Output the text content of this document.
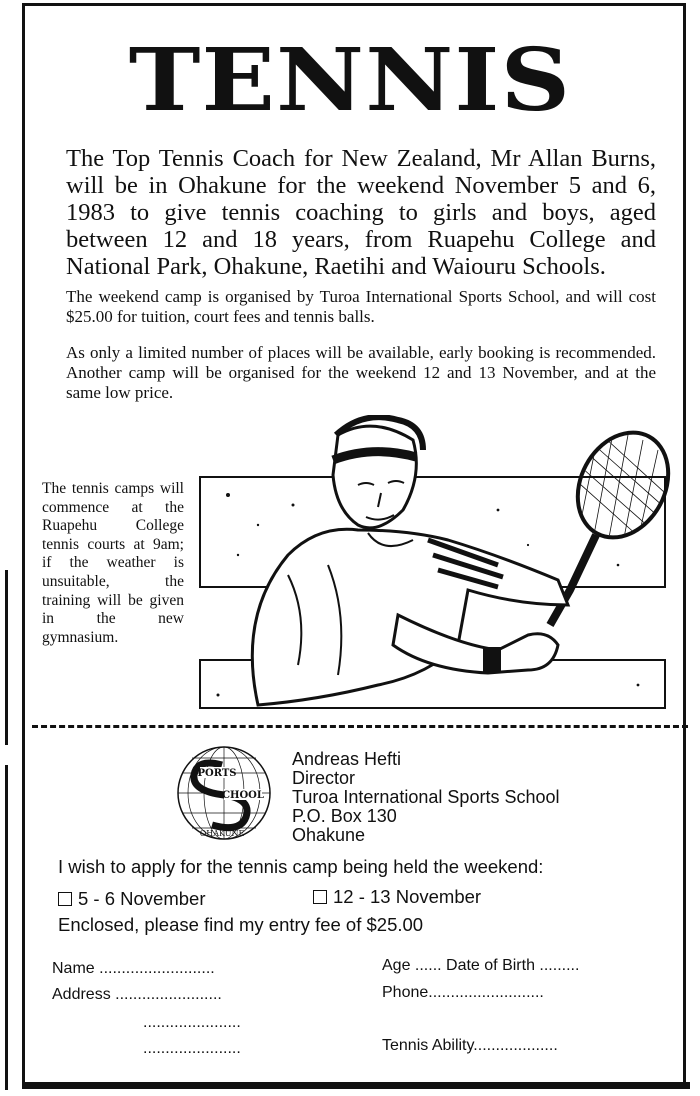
TENNIS
The Top Tennis Coach for New Zealand, Mr Allan Burns, will be in Ohakune for the weekend November 5 and 6, 1983 to give tennis coaching to girls and boys, aged between 12 and 18 years, from Ruapehu College and National Park, Ohakune, Raetihi and Waiouru Schools.
The weekend camp is organised by Turoa International Sports School, and will cost $25.00 for tuition, court fees and tennis balls.
As only a limited number of places will be available, early booking is recommended. Another camp will be organised for the weekend 12 and 13 November, and at the same low price.
The tennis camps will commence at the Ruapehu College tennis courts at 9am; if the weather is unsuitable, the training will be given in the new gymnasium.
PORTS
CHOOL
OHAKUNE
Andreas Hefti
Director
Turoa International Sports School
P.O. Box 130
Ohakune
I wish to apply for the tennis camp being held the weekend:
5 - 6 November	12 - 13 November
Enclosed, please find my entry fee of $25.00
Name ..........................
Address ........................
......................
......................
Age ...... Date of Birth .........
Phone..........................
Tennis Ability...................
